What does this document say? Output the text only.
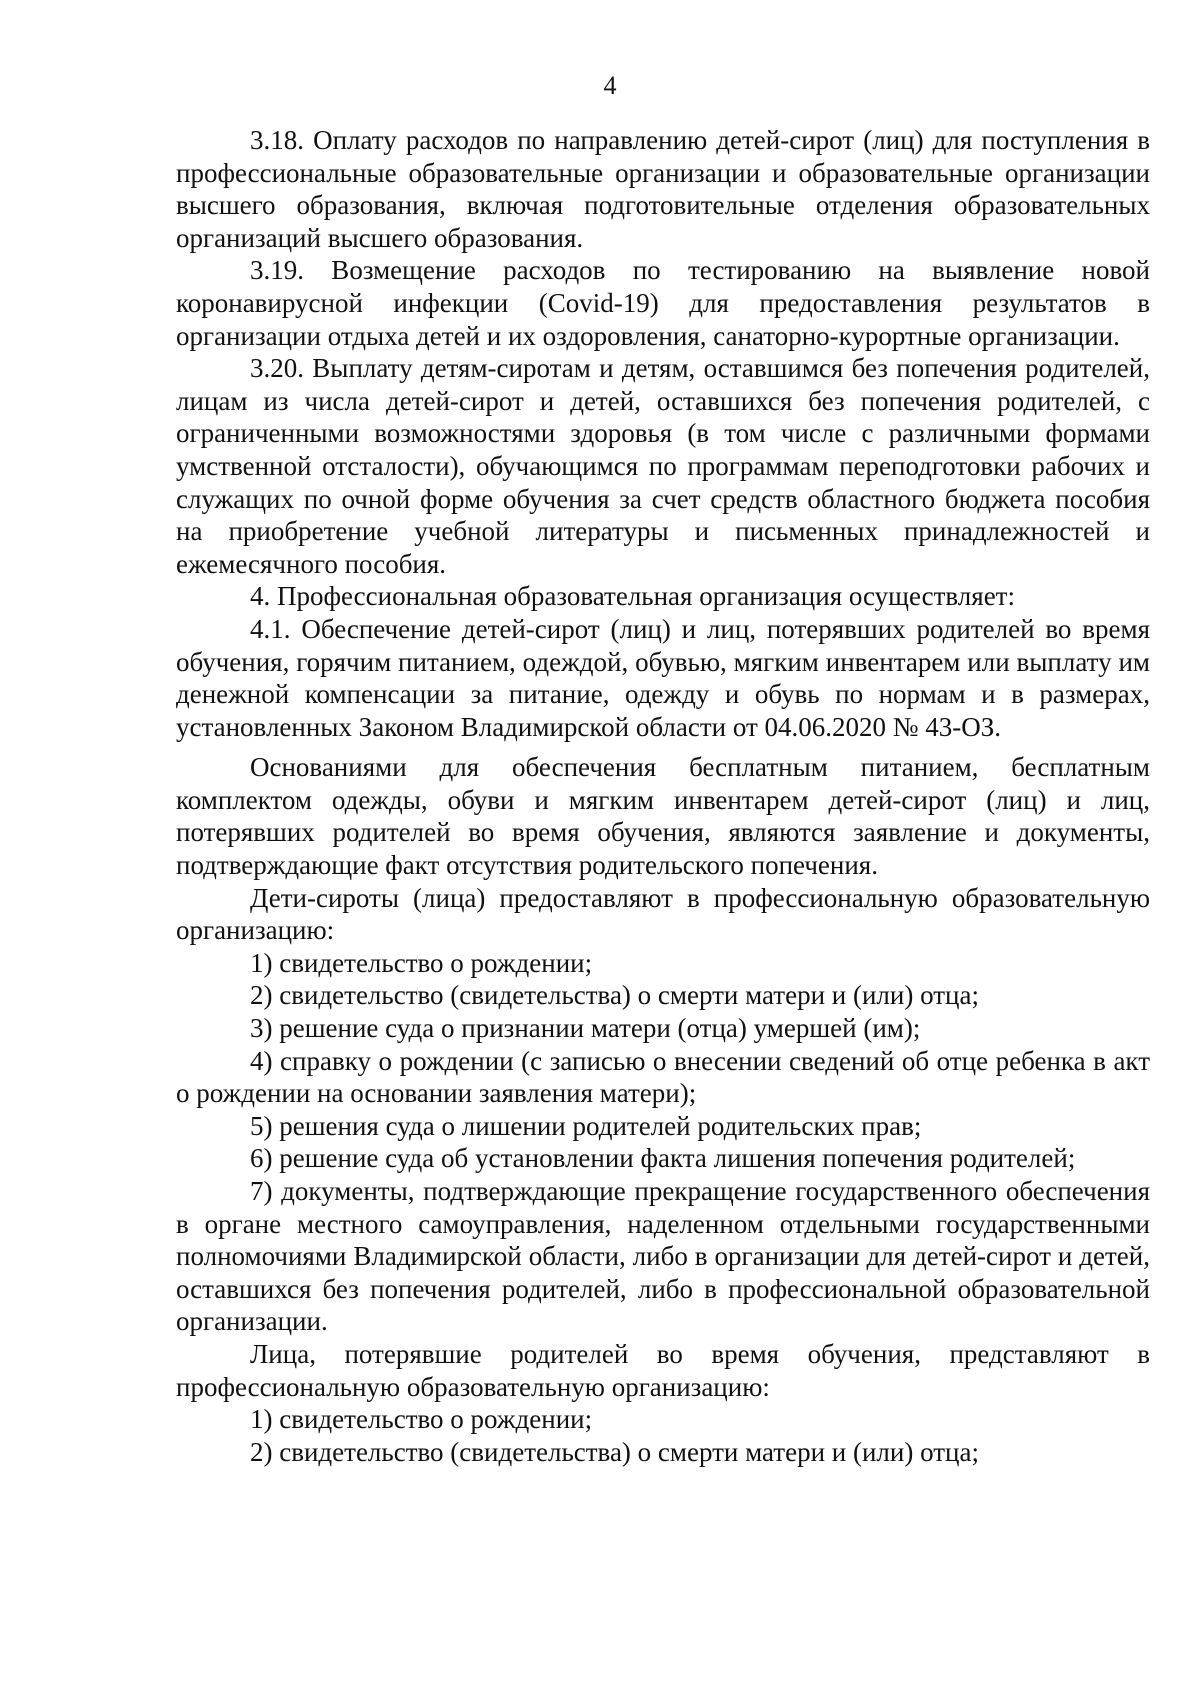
4

3.18. Оплату расходов по направлению детей-сирот (лиц) для поступления в профессиональные образовательные организации и образовательные организации высшего образования, включая подготовительные отделения образовательных организаций высшего образования.

3.19. Возмещение расходов по тестированию на выявление новой коронавирусной инфекции (Covid-19) для предоставления результатов в организации отдыха детей и их оздоровления, санаторно-курортные организации.

3.20. Выплату детям-сиротам и детям, оставшимся без попечения родителей, лицам из числа детей-сирот и детей, оставшихся без попечения родителей, с ограниченными возможностями здоровья (в том числе с различными формами умственной отсталости), обучающимся по программам переподготовки рабочих и служащих по очной форме обучения за счет средств областного бюджета пособия на приобретение учебной литературы и письменных принадлежностей и ежемесячного пособия.

4. Профессиональная образовательная организация осуществляет:

4.1. Обеспечение детей-сирот (лиц) и лиц, потерявших родителей во время обучения, горячим питанием, одеждой, обувью, мягким инвентарем или выплату им денежной компенсации за питание, одежду и обувь по нормам и в размерах, установленных Законом Владимирской области от 04.06.2020 № 43-ОЗ.

Основаниями для обеспечения бесплатным питанием, бесплатным комплектом одежды, обуви и мягким инвентарем детей-сирот (лиц) и лиц, потерявших родителей во время обучения, являются заявление и документы, подтверждающие факт отсутствия родительского попечения.

Дети-сироты (лица) предоставляют в профессиональную образовательную организацию:

1) свидетельство о рождении;

2) свидетельство (свидетельства) о смерти матери и (или) отца;

3) решение суда о признании матери (отца) умершей (им);

4) справку о рождении (с записью о внесении сведений об отце ребенка в акт о рождении на основании заявления матери);

5) решения суда о лишении родителей родительских прав;

6) решение суда об установлении факта лишения попечения родителей;

7) документы, подтверждающие прекращение государственного обеспечения в органе местного самоуправления, наделенном отдельными государственными полномочиями Владимирской области, либо в организации для детей-сирот и детей, оставшихся без попечения родителей, либо в профессиональной образовательной организации.

Лица, потерявшие родителей во время обучения, представляют в профессиональную образовательную организацию:

1) свидетельство о рождении;

2) свидетельство (свидетельства) о смерти матери и (или) отца;
